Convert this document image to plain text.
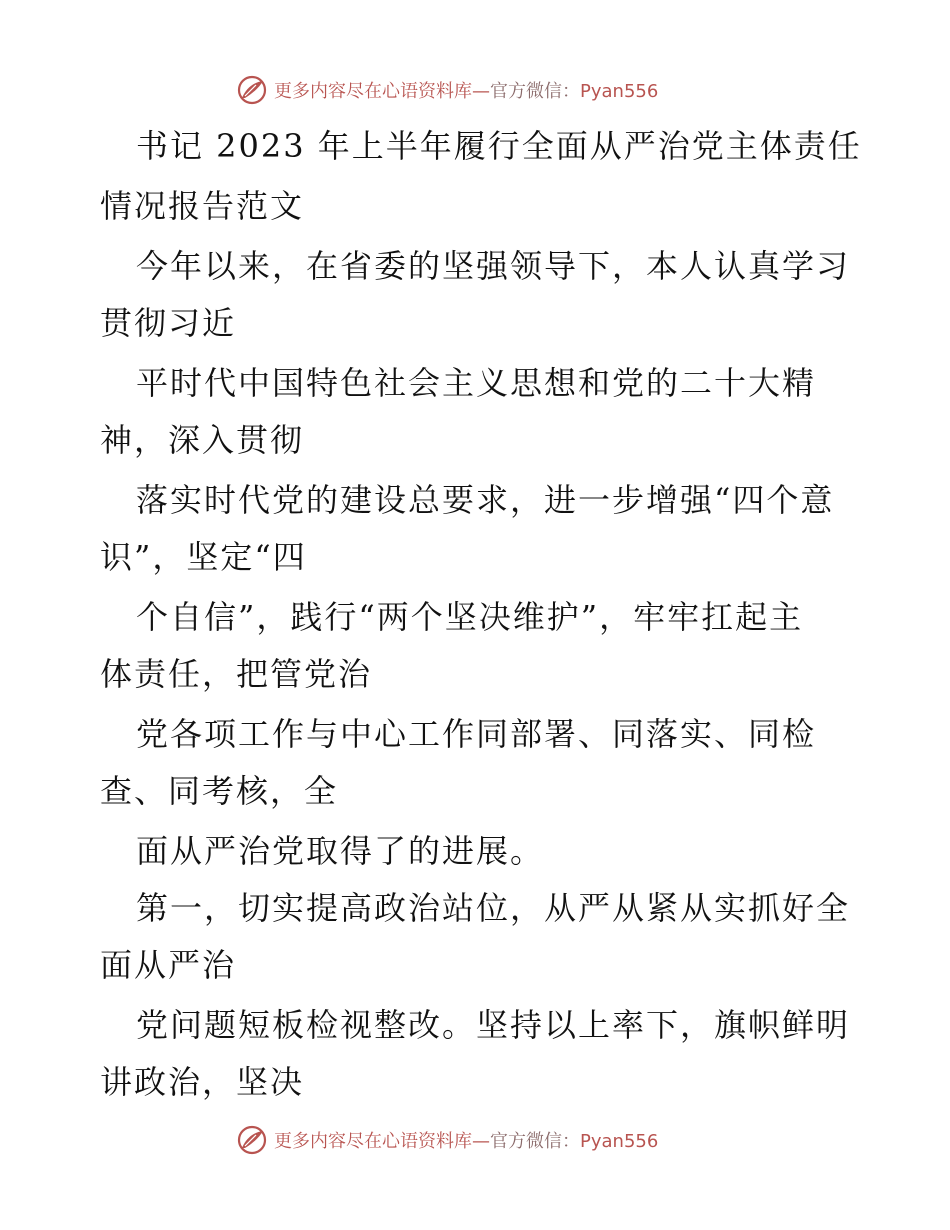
更多内容尽在心语资料库—官方微信：Pyan556
书记 2023 年上半年履行全面从严治党主体责任
情况报告范文
今年以来，在省委的坚强领导下，本人认真学习
贯彻习近
平时代中国特色社会主义思想和党的二十大精
神，深入贯彻
落实时代党的建设总要求，进一步增强“四个意
识”，坚定“四
个自信”，践行“两个坚决维护”，牢牢扛起主
体责任，把管党治
党各项工作与中心工作同部署、同落实、同检
查、同考核，全
面从严治党取得了的进展。
第一，切实提高政治站位，从严从紧从实抓好全
面从严治
党问题短板检视整改。坚持以上率下，旗帜鲜明
讲政治，坚决
更多内容尽在心语资料库—官方微信：Pyan556
